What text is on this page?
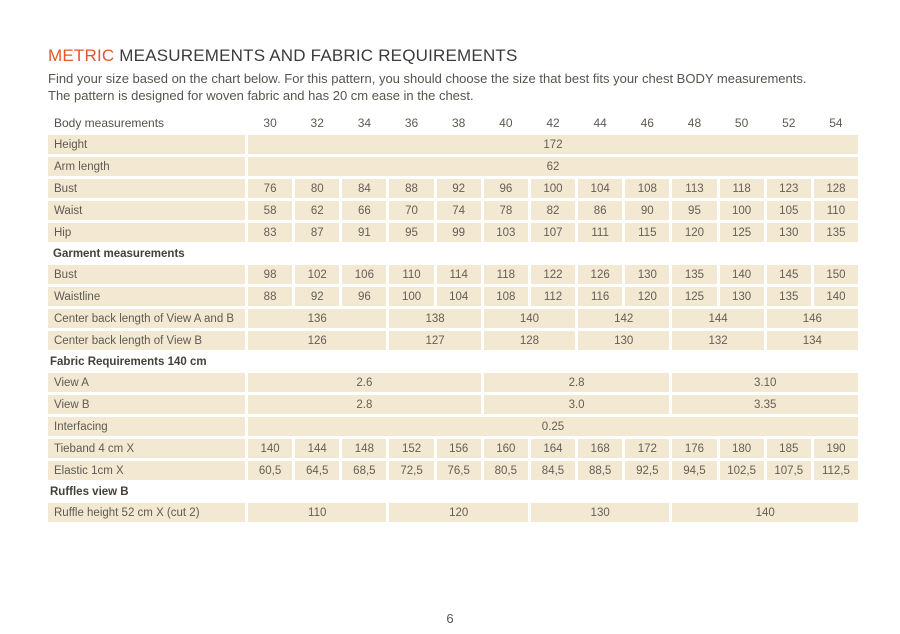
METRIC MEASUREMENTS AND FABRIC REQUIREMENTS
Find your size based on the chart below. For this pattern, you should choose the size that best fits your chest BODY measurements.
The pattern is designed for woven fabric and has 20 cm ease in the chest.
Body measurements	30	32	34	36	38	40	42	44	46	48	50	52	54
Height	172
Arm length	62
Bust	76	80	84	88	92	96	100	104	108	113	118	123	128
Waist	58	62	66	70	74	78	82	86	90	95	100	105	110
Hip	83	87	91	95	99	103	107	111	115	120	125	130	135
Garment measurements
Bust	98	102	106	110	114	118	122	126	130	135	140	145	150
Waistline	88	92	96	100	104	108	112	116	120	125	130	135	140
Center back length of View A and B	136	138	140	142	144	146
Center back length of View B	126	127	128	130	132	134
Fabric Requirements 140 cm
View A	2.6	2.8	3.10
View B	2.8	3.0	3.35
Interfacing	0.25
Tieband 4 cm X	140	144	148	152	156	160	164	168	172	176	180	185	190
Elastic 1cm X	60,5	64,5	68,5	72,5	76,5	80,5	84,5	88,5	92,5	94,5	102,5	107,5	112,5
Ruffles view B
Ruffle height 52 cm X (cut 2)	110	120	130	140
6
